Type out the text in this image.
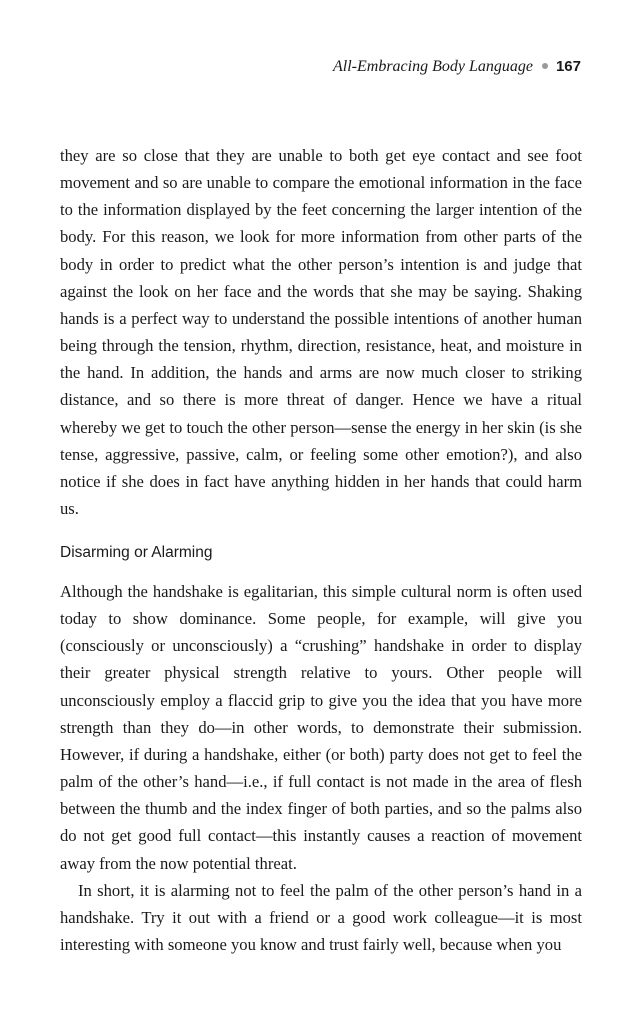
All-Embracing Body Language 167

they are so close that they are unable to both get eye contact and see foot movement and so are unable to compare the emotional information in the face to the information displayed by the feet concerning the larger intention of the body. For this reason, we look for more information from other parts of the body in order to predict what the other person’s intention is and judge that against the look on her face and the words that she may be saying. Shaking hands is a perfect way to understand the possible intentions of another human being through the tension, rhythm, direction, resistance, heat, and moisture in the hand. In addition, the hands and arms are now much closer to striking distance, and so there is more threat of danger. Hence we have a ritual whereby we get to touch the other person—sense the energy in her skin (is she tense, aggressive, passive, calm, or feeling some other emotion?), and also notice if she does in fact have anything hidden in her hands that could harm us.

Disarming or Alarming

Although the handshake is egalitarian, this simple cultural norm is often used today to show dominance. Some people, for example, will give you (consciously or unconsciously) a “crushing” handshake in order to display their greater physical strength relative to yours. Other people will unconsciously employ a flaccid grip to give you the idea that you have more strength than they do—in other words, to demonstrate their submission. However, if during a handshake, either (or both) party does not get to feel the palm of the other’s hand—i.e., if full contact is not made in the area of flesh between the thumb and the index finger of both parties, and so the palms also do not get good full contact—this instantly causes a reaction of movement away from the now potential threat.

In short, it is alarming not to feel the palm of the other person’s hand in a handshake. Try it out with a friend or a good work colleague—it is most interesting with someone you know and trust fairly well, because when you
